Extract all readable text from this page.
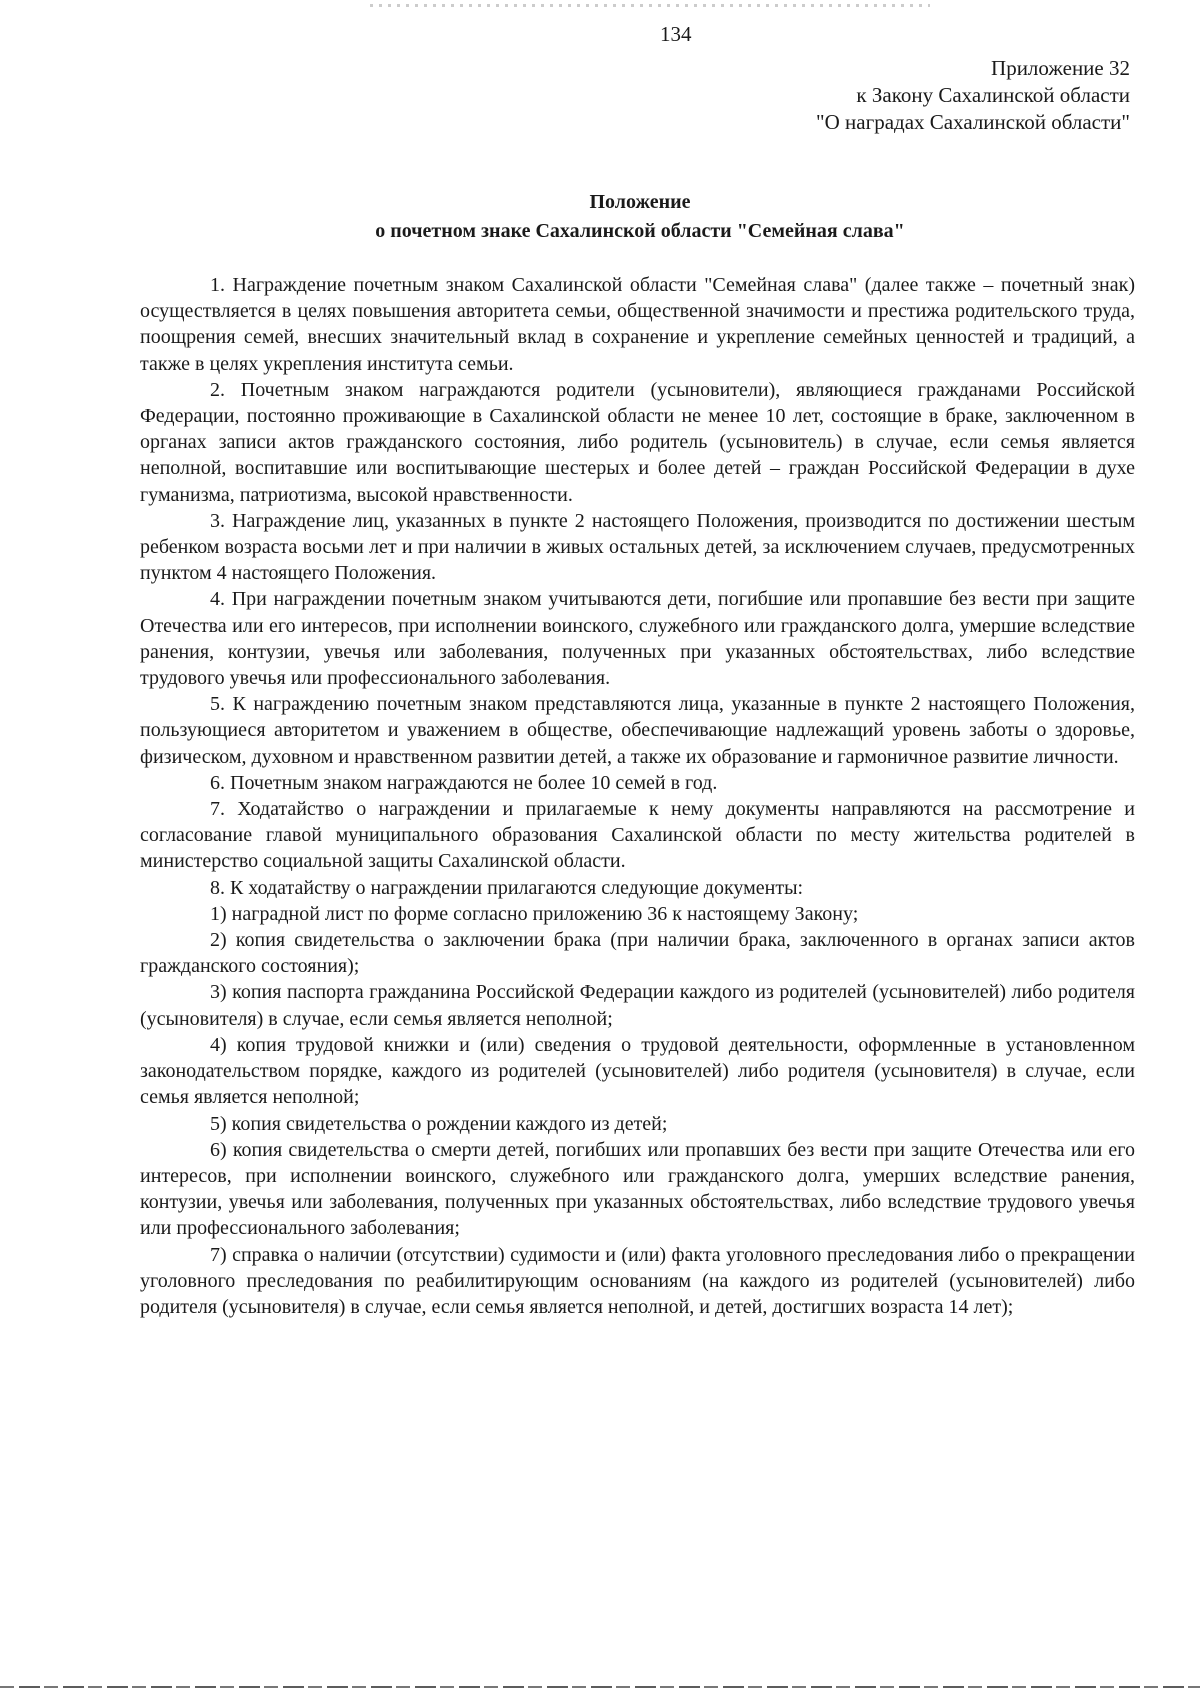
134
Приложение 32
к Закону Сахалинской области
"О наградах Сахалинской области"
Положение
о почетном знаке Сахалинской области "Семейная слава"

1. Награждение почетным знаком Сахалинской области "Семейная слава" (далее также – почетный знак) осуществляется в целях повышения авторитета семьи, общественной значимости и престижа родительского труда, поощрения семей, внесших значительный вклад в сохранение и укрепление семейных ценностей и традиций, а также в целях укрепления института семьи.

2. Почетным знаком награждаются родители (усыновители), являющиеся гражданами Российской Федерации, постоянно проживающие в Сахалинской области не менее 10 лет, состоящие в браке, заключенном в органах записи актов гражданского состояния, либо родитель (усыновитель) в случае, если семья является неполной, воспитавшие или воспитывающие шестерых и более детей – граждан Российской Федерации в духе гуманизма, патриотизма, высокой нравственности.

3. Награждение лиц, указанных в пункте 2 настоящего Положения, производится по достижении шестым ребенком возраста восьми лет и при наличии в живых остальных детей, за исключением случаев, предусмотренных пунктом 4 настоящего Положения.

4. При награждении почетным знаком учитываются дети, погибшие или пропавшие без вести при защите Отечества или его интересов, при исполнении воинского, служебного или гражданского долга, умершие вследствие ранения, контузии, увечья или заболевания, полученных при указанных обстоятельствах, либо вследствие трудового увечья или профессионального заболевания.

5. К награждению почетным знаком представляются лица, указанные в пункте 2 настоящего Положения, пользующиеся авторитетом и уважением в обществе, обеспечивающие надлежащий уровень заботы о здоровье, физическом, духовном и нравственном развитии детей, а также их образование и гармоничное развитие личности.

6. Почетным знаком награждаются не более 10 семей в год.

7. Ходатайство о награждении и прилагаемые к нему документы направляются на рассмотрение и согласование главой муниципального образования Сахалинской области по месту жительства родителей в министерство социальной защиты Сахалинской области.

8. К ходатайству о награждении прилагаются следующие документы:

1) наградной лист по форме согласно приложению 36 к настоящему Закону;

2) копия свидетельства о заключении брака (при наличии брака, заключенного в органах записи актов гражданского состояния);

3) копия паспорта гражданина Российской Федерации каждого из родителей (усыновителей) либо родителя (усыновителя) в случае, если семья является неполной;

4) копия трудовой книжки и (или) сведения о трудовой деятельности, оформленные в установленном законодательством порядке, каждого из родителей (усыновителей) либо родителя (усыновителя) в случае, если семья является неполной;

5) копия свидетельства о рождении каждого из детей;

6) копия свидетельства о смерти детей, погибших или пропавших без вести при защите Отечества или его интересов, при исполнении воинского, служебного или гражданского долга, умерших вследствие ранения, контузии, увечья или заболевания, полученных при указанных обстоятельствах, либо вследствие трудового увечья или профессионального заболевания;

7) справка о наличии (отсутствии) судимости и (или) факта уголовного преследования либо о прекращении уголовного преследования по реабилитирующим основаниям (на каждого из родителей (усыновителей) либо родителя (усыновителя) в случае, если семья является неполной, и детей, достигших возраста 14 лет);
